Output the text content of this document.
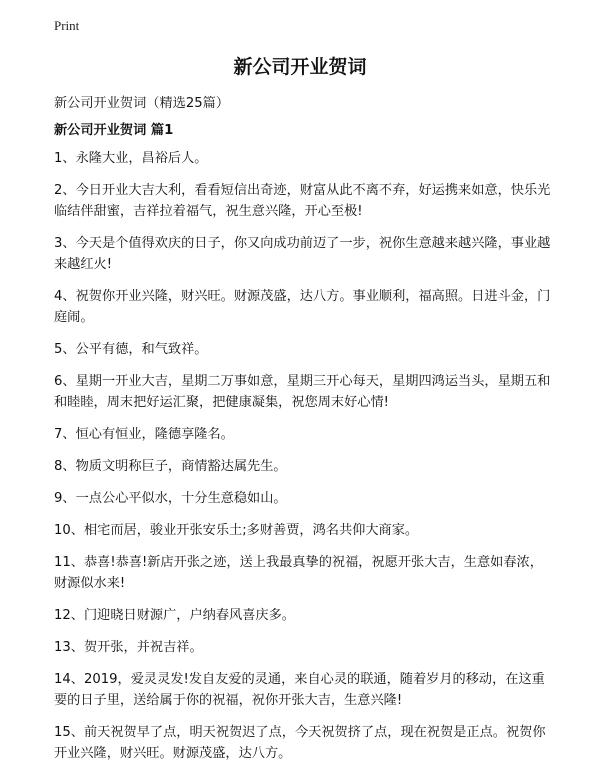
Print
新公司开业贺词

新公司开业贺词（精选25篇）

新公司开业贺词 篇1

1、永隆大业，昌裕后人。
2、今日开业大吉大利，看看短信出奇迹，财富从此不离不弃，好运携来如意，快乐光临结伴甜蜜，吉祥拉着福气，祝生意兴隆，开心至极!
3、今天是个值得欢庆的日子，你又向成功前迈了一步，祝你生意越来越兴隆，事业越来越红火!
4、祝贺你开业兴隆，财兴旺。财源茂盛，达八方。事业顺利，福高照。日进斗金，门庭闹。
5、公平有德，和气致祥。
6、星期一开业大吉，星期二万事如意，星期三开心每天，星期四鸿运当头，星期五和和睦睦，周末把好运汇聚，把健康凝集，祝您周末好心情!
7、恒心有恒业，隆德享隆名。
8、物质文明称巨子，商情豁达属先生。
9、一点公心平似水，十分生意稳如山。
10、相宅而居，骏业开张安乐土;多财善贾，鸿名共仰大商家。
11、恭喜!恭喜!新店开张之迹，送上我最真挚的祝福，祝愿开张大吉，生意如春浓，财源似水来!
12、门迎晓日财源广，户纳春风喜庆多。
13、贺开张，并祝吉祥。
14、2019，爱灵灵发!发自友爱的灵通，来自心灵的联通，随着岁月的移动，在这重要的日子里，送给属于你的祝福，祝你开张大吉，生意兴隆!
15、前天祝贺早了点，明天祝贺迟了点，今天祝贺挤了点，现在祝贺是正点。祝贺你开业兴隆，财兴旺。财源茂盛，达八方。
